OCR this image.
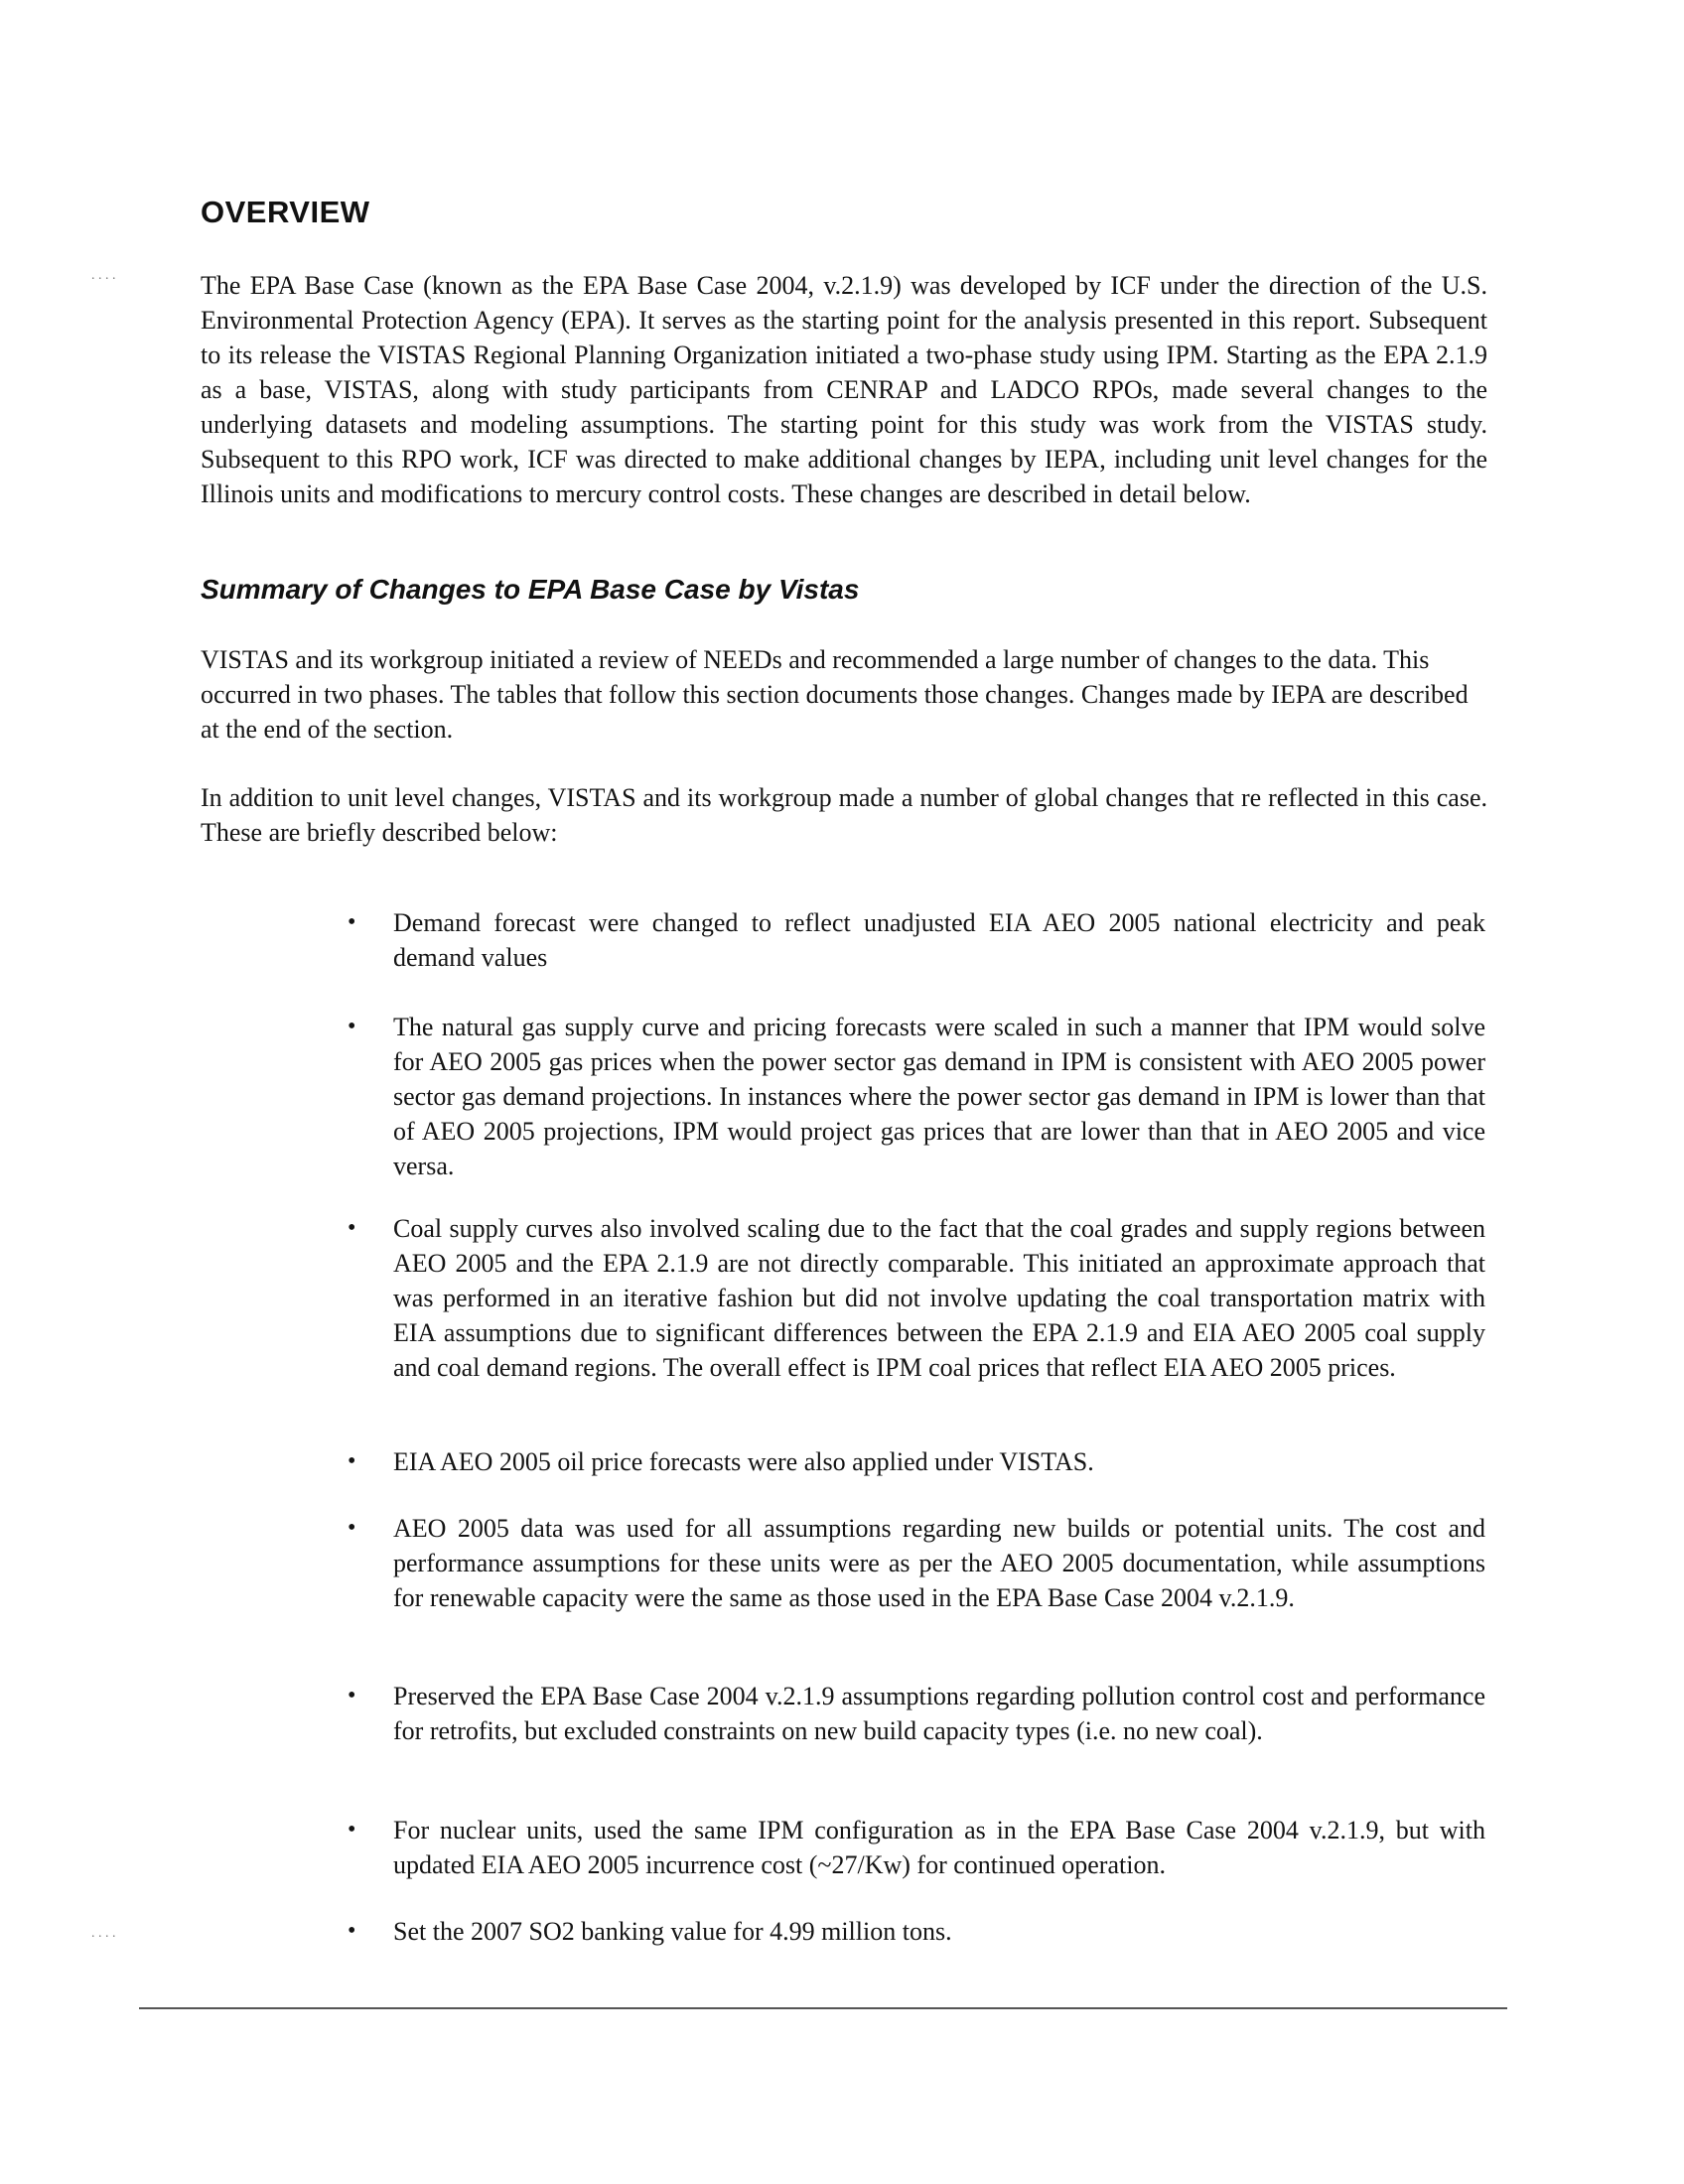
. . . .
. . . .
OVERVIEW

The EPA Base Case (known as the EPA Base Case 2004, v.2.1.9) was developed by ICF under the direction of the U.S. Environmental Protection Agency (EPA). It serves as the starting point for the analysis presented in this report. Subsequent to its release the VISTAS Regional Planning Organization initiated a two-phase study using IPM. Starting as the EPA 2.1.9 as a base, VISTAS, along with study participants from CENRAP and LADCO RPOs, made several changes to the underlying datasets and modeling assumptions. The starting point for this study was work from the VISTAS study. Subsequent to this RPO work, ICF was directed to make additional changes by IEPA, including unit level changes for the Illinois units and modifications to mercury control costs. These changes are described in detail below.

Summary of Changes to EPA Base Case by Vistas

VISTAS and its workgroup initiated a review of NEEDs and recommended a large number of changes to the data. This occurred in two phases. The tables that follow this section documents those changes. Changes made by IEPA are described at the end of the section.

In addition to unit level changes, VISTAS and its workgroup made a number of global changes that re reflected in this case. These are briefly described below:

• Demand forecast were changed to reflect unadjusted EIA AEO 2005 national electricity and peak demand values

• The natural gas supply curve and pricing forecasts were scaled in such a manner that IPM would solve for AEO 2005 gas prices when the power sector gas demand in IPM is consistent with AEO 2005 power sector gas demand projections. In instances where the power sector gas demand in IPM is lower than that of AEO 2005 projections, IPM would project gas prices that are lower than that in AEO 2005 and vice versa.

• Coal supply curves also involved scaling due to the fact that the coal grades and supply regions between AEO 2005 and the EPA 2.1.9 are not directly comparable. This initiated an approximate approach that was performed in an iterative fashion but did not involve updating the coal transportation matrix with EIA assumptions due to significant differences between the EPA 2.1.9 and EIA AEO 2005 coal supply and coal demand regions. The overall effect is IPM coal prices that reflect EIA AEO 2005 prices.

• EIA AEO 2005 oil price forecasts were also applied under VISTAS.

• AEO 2005 data was used for all assumptions regarding new builds or potential units. The cost and performance assumptions for these units were as per the AEO 2005 documentation, while assumptions for renewable capacity were the same as those used in the EPA Base Case 2004 v.2.1.9.

• Preserved the EPA Base Case 2004 v.2.1.9 assumptions regarding pollution control cost and performance for retrofits, but excluded constraints on new build capacity types (i.e. no new coal).

• For nuclear units, used the same IPM configuration as in the EPA Base Case 2004 v.2.1.9, but with updated EIA AEO 2005 incurrence cost (~27/Kw) for continued operation.

• Set the 2007 SO2 banking value for 4.99 million tons.
